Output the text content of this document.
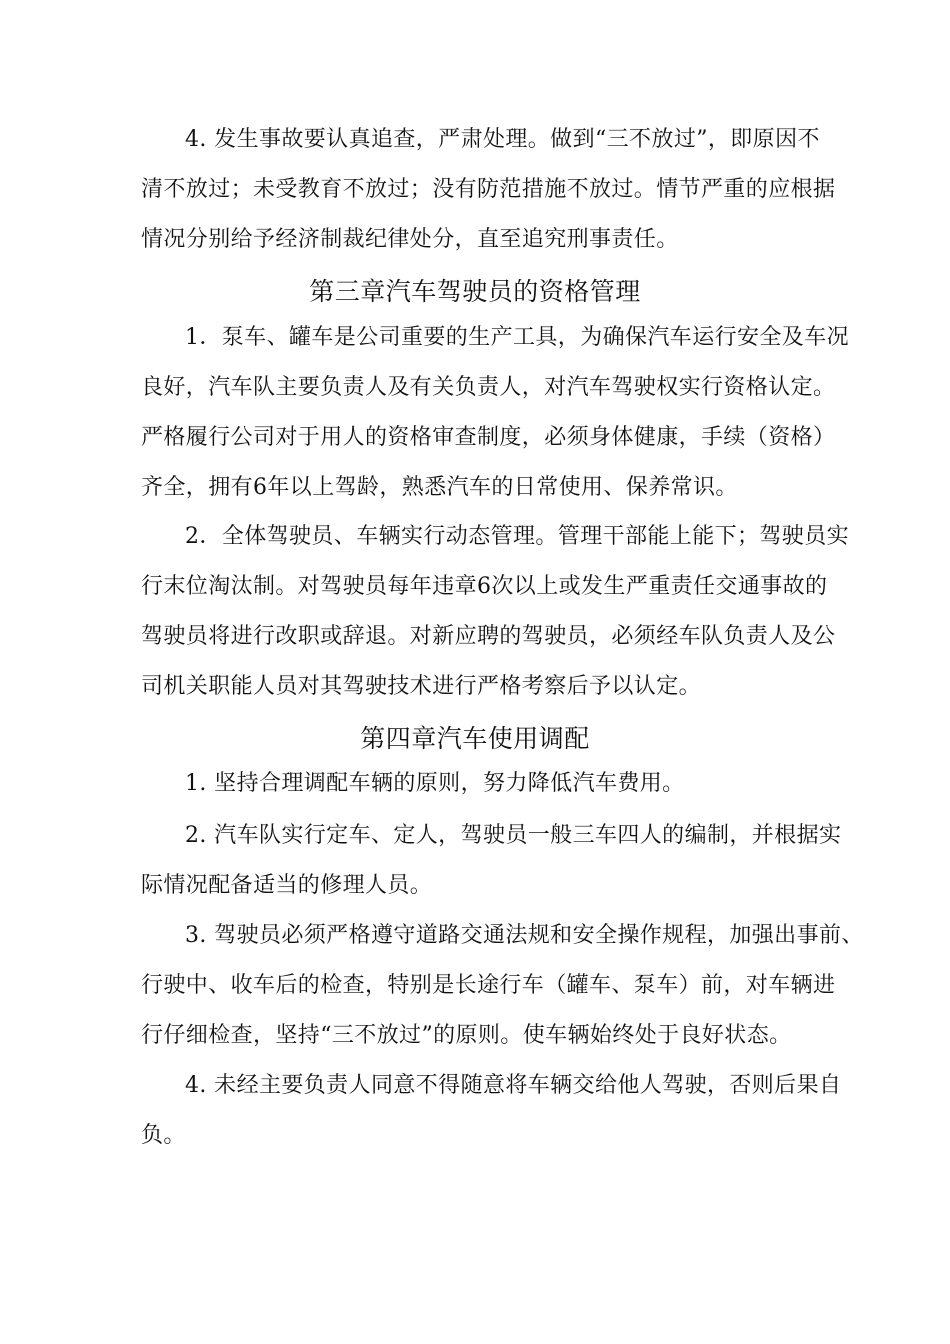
4. 发生事故要认真追查，严肃处理。做到“三不放过”，即原因不
清不放过；未受教育不放过；没有防范措施不放过。情节严重的应根据
情况分别给予经济制裁纪律处分，直至追究刑事责任。
第三章汽车驾驶员的资格管理
1．泵车、罐车是公司重要的生产工具，为确保汽车运行安全及车况
良好，汽车队主要负责人及有关负责人，对汽车驾驶权实行资格认定。
严格履行公司对于用人的资格审查制度，必须身体健康，手续（资格）
齐全，拥有6年以上驾龄，熟悉汽车的日常使用、保养常识。
2．全体驾驶员、车辆实行动态管理。管理干部能上能下；驾驶员实
行末位淘汰制。对驾驶员每年违章6次以上或发生严重责任交通事故的
驾驶员将进行改职或辞退。对新应聘的驾驶员，必须经车队负责人及公
司机关职能人员对其驾驶技术进行严格考察后予以认定。
第四章汽车使用调配
1. 坚持合理调配车辆的原则，努力降低汽车费用。
2. 汽车队实行定车、定人，驾驶员一般三车四人的编制，并根据实
际情况配备适当的修理人员。
3. 驾驶员必须严格遵守道路交通法规和安全操作规程，加强出事前、
行驶中、收车后的检查，特别是长途行车（罐车、泵车）前，对车辆进
行仔细检查，坚持“三不放过”的原则。使车辆始终处于良好状态。
4. 未经主要负责人同意不得随意将车辆交给他人驾驶，否则后果自
负。
